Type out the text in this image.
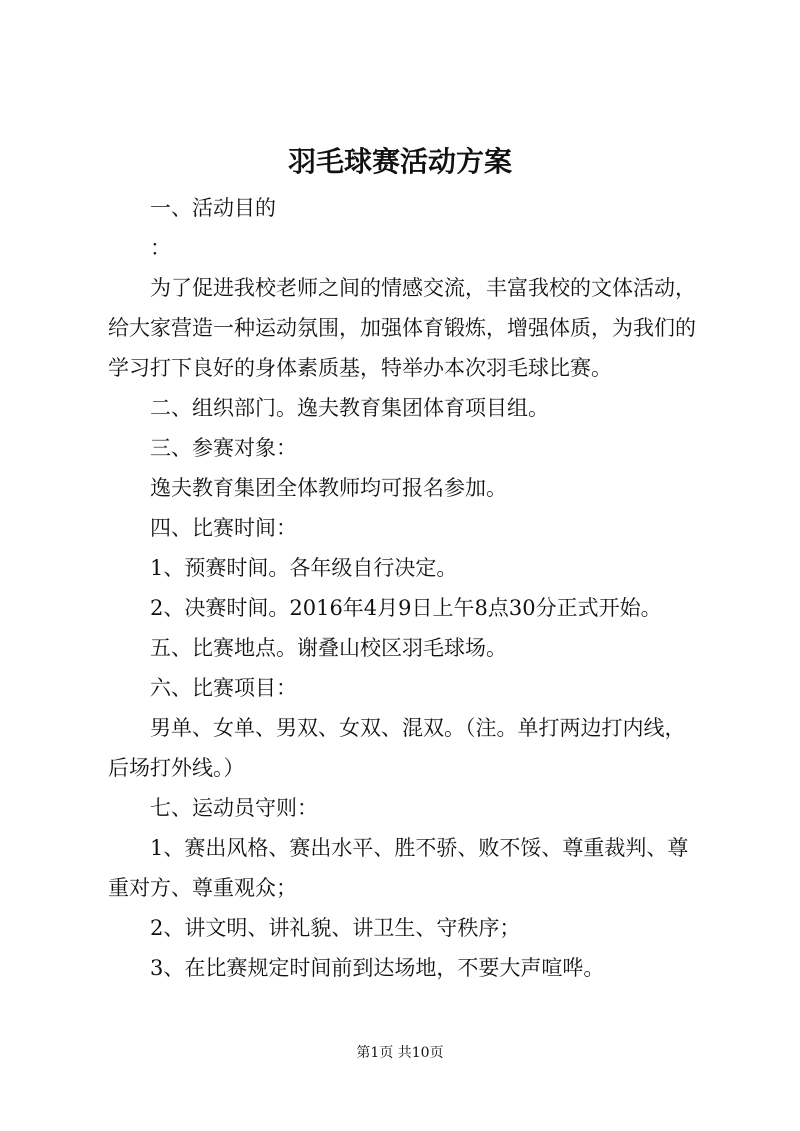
羽毛球赛活动方案
一、活动目的
：
为了促进我校老师之间的情感交流，丰富我校的文体活动，
给大家营造一种运动氛围，加强体育锻炼，增强体质，为我们的
学习打下良好的身体素质基，特举办本次羽毛球比赛。
二、组织部门。逸夫教育集团体育项目组。
三、参赛对象：
逸夫教育集团全体教师均可报名参加。
四、比赛时间：
1、预赛时间。各年级自行决定。
2、决赛时间。2016年4月9日上午8点30分正式开始。
五、比赛地点。谢叠山校区羽毛球场。
六、比赛项目：
男单、女单、男双、女双、混双。（注。单打两边打内线，
后场打外线。）
七、运动员守则：
1、赛出风格、赛出水平、胜不骄、败不馁、尊重裁判、尊
重对方、尊重观众；
2、讲文明、讲礼貌、讲卫生、守秩序；
3、在比赛规定时间前到达场地，不要大声喧哗。
第1页 共10页
